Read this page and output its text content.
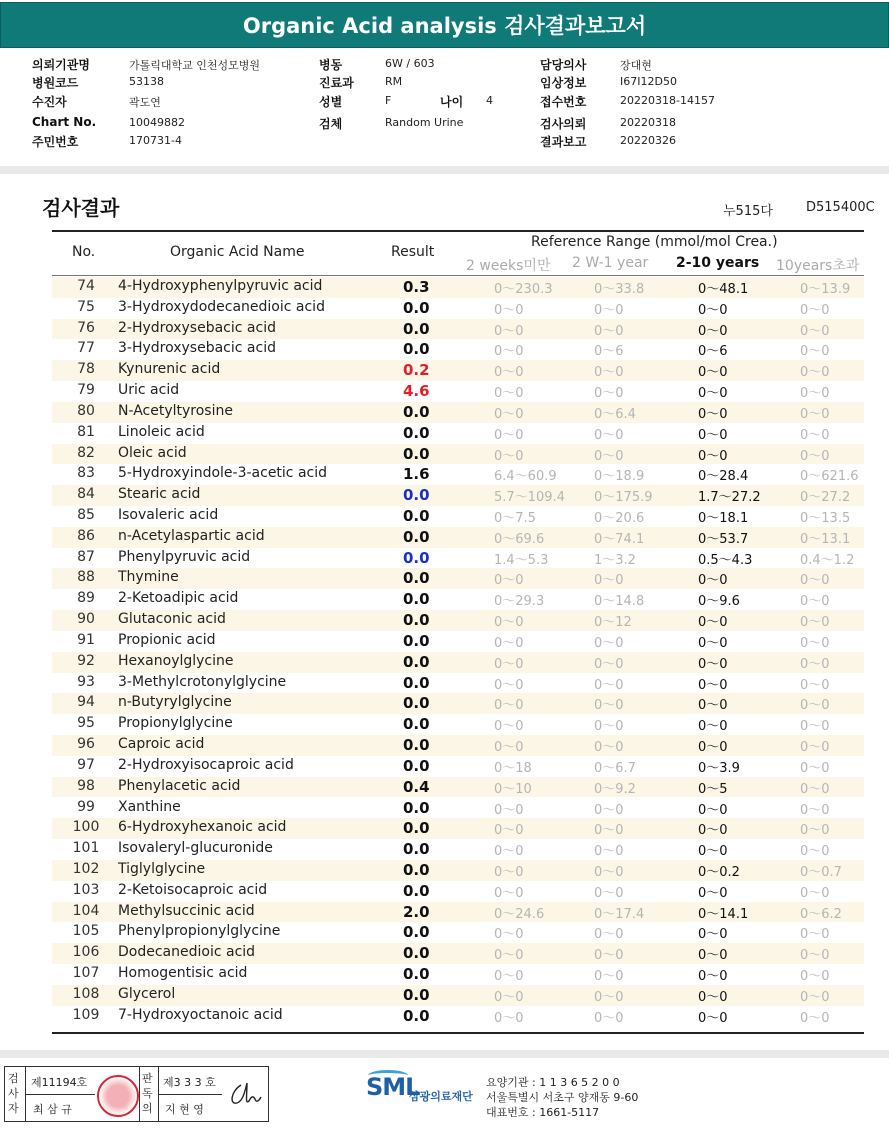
Organic Acid analysis 검사결과보고서
의뢰기관명	가톨릭대학교 인천성모병원
병원코드	53138
수진자	곽도연
Chart No.	10049882
주민번호	170731-4
병동	6W / 603
진료과	RM
성별	F
검체	Random Urine
나이 4
담당의사	장대현
임상정보	I67I12D50
접수번호	20220318-14157
검사의뢰	20220318
결과보고	20220326
검사결과	누515다	D515400C
No.	Organic Acid Name	Result
Reference Range (mmol/mol Crea.)
2 weeks미만 2 W-1 year 2-10 years 10years초과
74	4-Hydroxyphenylpyruvic acid	0.3	0～230.3	0～33.8	0～48.1	0～13.9
75	3-Hydroxydodecanedioic acid	0.0	0～0	0～0	0～0	0～0
76	2-Hydroxysebacic acid	0.0	0～0	0～0	0～0	0～0
77	3-Hydroxysebacic acid	0.0	0～0	0～6	0～6	0～0
78	Kynurenic acid	0.2	0～0	0～0	0～0	0～0
79	Uric acid	4.6	0～0	0～0	0～0	0～0
80	N-Acetyltyrosine	0.0	0～0	0～6.4	0～0	0～0
81	Linoleic acid	0.0	0～0	0～0	0～0	0～0
82	Oleic acid	0.0	0～0	0～0	0～0	0～0
83	5-Hydroxyindole-3-acetic acid	1.6	6.4～60.9	0～18.9	0～28.4	0～621.6
84	Stearic acid	0.0	5.7～109.4 0～175.9	1.7～27.2	0～27.2
85	Isovaleric acid	0.0	0～7.5	0～20.6	0～18.1	0～13.5
86	n-Acetylaspartic acid	0.0	0～69.6	0～74.1	0～53.7	0～13.1
87	Phenylpyruvic acid	0.0	1.4～5.3	1～3.2	0.5～4.3	0.4～1.2
88	Thymine	0.0	0～0	0～0	0～0	0～0
89	2-Ketoadipic acid	0.0	0～29.3	0～14.8	0～9.6	0～0
90	Glutaconic acid	0.0	0～0	0～12	0～0	0～0
91	Propionic acid	0.0	0～0	0～0	0～0	0～0
92	Hexanoylglycine	0.0	0～0	0～0	0～0	0～0
93	3-Methylcrotonylglycine	0.0	0～0	0～0	0～0	0～0
94	n-Butyrylglycine	0.0	0～0	0～0	0～0	0～0
95	Propionylglycine	0.0	0～0	0～0	0～0	0～0
96	Caproic acid	0.0	0～0	0～0	0～0	0～0
97	2-Hydroxyisocaproic acid	0.0	0～18	0～6.7	0～3.9	0～0
98	Phenylacetic acid	0.4	0～10	0～9.2	0～5	0～0
99	Xanthine	0.0	0～0	0～0	0～0	0～0
100	6-Hydroxyhexanoic acid	0.0	0～0	0～0	0～0	0～0
101	Isovaleryl-glucuronide	0.0	0～0	0～0	0～0	0～0
102	Tiglylglycine	0.0	0～0	0～0	0～0.2	0～0.7
103	2-Ketoisocaproic acid	0.0	0～0	0～0	0～0	0～0
104	Methylsuccinic acid	2.0	0～24.6	0～17.4	0～14.1	0～6.2
105	Phenylpropionylglycine	0.0	0～0	0～0	0～0	0～0
106	Dodecanedioic acid	0.0	0～0	0～0	0～0	0～0
107	Homogentisic acid	0.0	0～0	0～0	0～0	0～0
108	Glycerol	0.0	0～0	0～0	0～0	0～0
109	7-Hydroxyoctanoic acid	0.0	0～0	0～0	0～0	0～0
검사자
제11194호
최 삼 규
판독의
제3 3 3 호
지 현 영
SML
삼광의료재단
요양기관 : 1 1 3 6 5 2 0 0
서울특별시 서초구 양재동 9-60
대표번호 : 1661-5117
